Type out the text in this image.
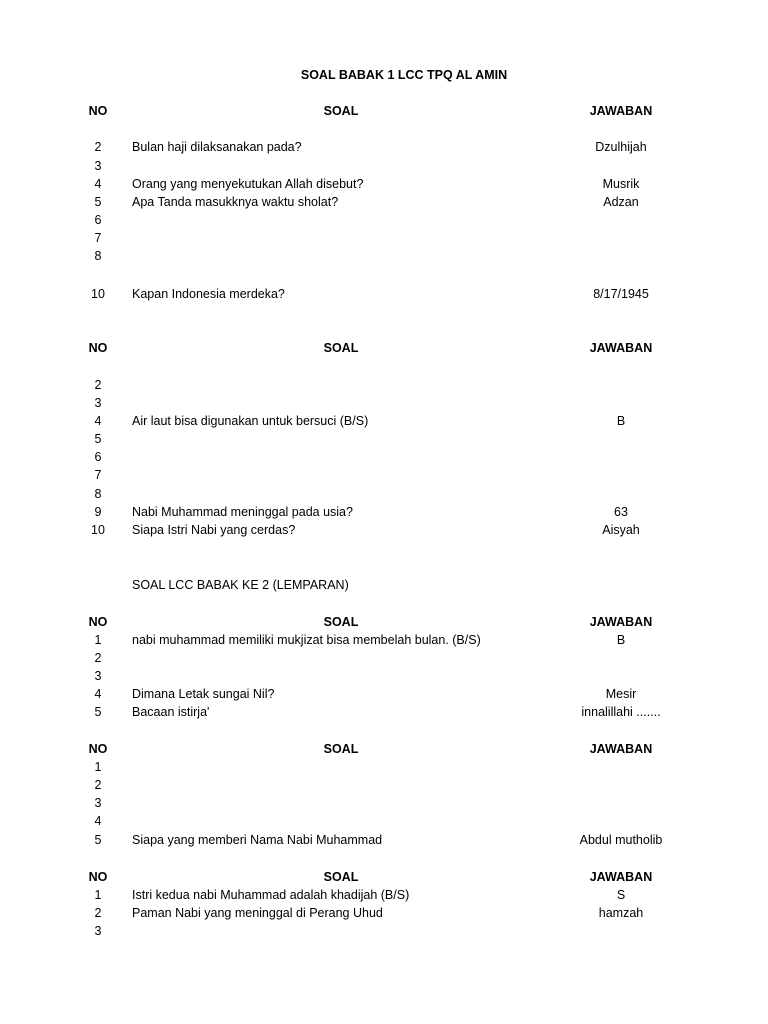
SOAL BABAK 1 LCC TPQ AL AMIN
NO	SOAL	JAWABAN
2	Bulan haji dilaksanakan pada?	Dzulhijah
3
4	Orang yang menyekutukan Allah disebut?	Musrik
5	Apa Tanda masukknya waktu sholat?	Adzan
6
7
8
10	Kapan Indonesia merdeka?	8/17/1945
NO	SOAL	JAWABAN
2
3
4	Air laut bisa digunakan untuk bersuci (B/S)	B
5
6
7
8
9	Nabi Muhammad meninggal pada usia?	63
10	Siapa Istri Nabi yang cerdas?	Aisyah
SOAL LCC BABAK KE 2 (LEMPARAN)
NO	SOAL	JAWABAN
1	nabi muhammad memiliki mukjizat bisa membelah bulan. (B/S)	B
2
3
4	Dimana Letak sungai Nil?	Mesir
5	Bacaan istirja'	innalillahi .......
NO	SOAL	JAWABAN
1
2
3
4
5	Siapa yang memberi Nama Nabi Muhammad	Abdul mutholib
NO	SOAL	JAWABAN
1	Istri kedua nabi Muhammad adalah khadijah (B/S)	S
2	Paman Nabi yang meninggal di Perang Uhud	hamzah
3
